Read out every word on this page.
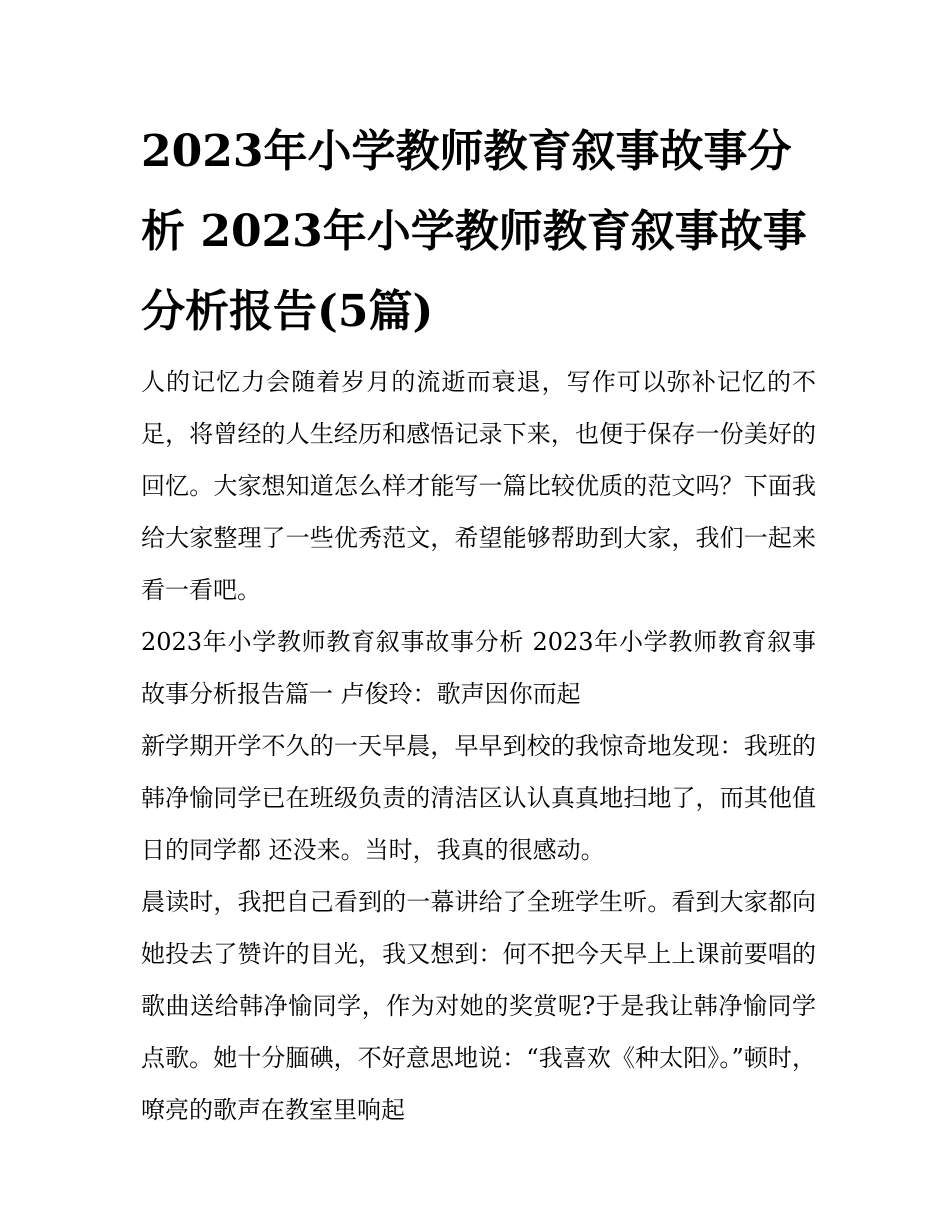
2023年小学教师教育叙事故事分析 2023年小学教师教育叙事故事分析报告(5篇)

人的记忆力会随着岁月的流逝而衰退，写作可以弥补记忆的不足，将曾经的人生经历和感悟记录下来，也便于保存一份美好的回忆。大家想知道怎么样才能写一篇比较优质的范文吗？下面我给大家整理了一些优秀范文，希望能够帮助到大家，我们一起来看一看吧。

2023年小学教师教育叙事故事分析 2023年小学教师教育叙事故事分析报告篇一 卢俊玲：歌声因你而起

新学期开学不久的一天早晨，早早到校的我惊奇地发现：我班的韩净愉同学已在班级负责的清洁区认认真真地扫地了，而其他值日的同学都 还没来。当时，我真的很感动。

晨读时，我把自己看到的一幕讲给了全班学生听。看到大家都向她投去了赞许的目光，我又想到：何不把今天早上上课前要唱的歌曲送给韩净愉同学，作为对她的奖赏呢?于是我让韩净愉同学点歌。她十分腼碘，不好意思地说：“我喜欢《种太阳》。”顿时，嘹亮的歌声在教室里响起
